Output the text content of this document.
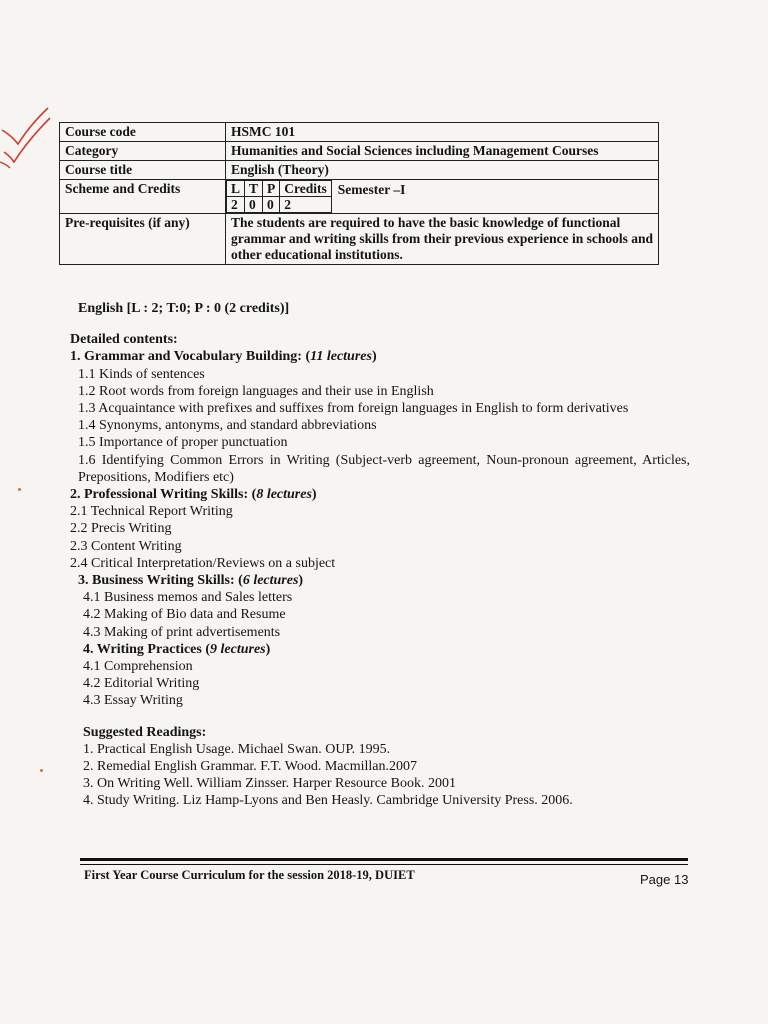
Course code	HSMC 101
Category	Humanities and Social Sciences including Management Courses
Course title	English (Theory)
Scheme and Credits		L	T	P	Credits
2	0	0	2
Semester –I

Pre-requisites (if any)	The students are required to have the basic knowledge of functional grammar and writing skills from their previous experience in schools and other educational institutions.

English [L : 2; T:0; P : 0 (2 credits)]

Detailed contents:

1. Grammar and Vocabulary Building: (11 lectures)

1.1 Kinds of sentences

1.2 Root words from foreign languages and their use in English

1.3 Acquaintance with prefixes and suffixes from foreign languages in English to form derivatives

1.4 Synonyms, antonyms, and standard abbreviations

1.5 Importance of proper punctuation

1.6 Identifying Common Errors in Writing (Subject-verb agreement, Noun-pronoun agreement, Articles, Prepositions, Modifiers etc)

2. Professional Writing Skills: (8 lectures)

2.1 Technical Report Writing

2.2 Precis Writing

2.3 Content Writing

2.4 Critical Interpretation/Reviews on a subject

3. Business Writing Skills: (6 lectures)

4.1 Business memos and Sales letters

4.2 Making of Bio data and Resume

4.3 Making of print advertisements

4. Writing Practices (9 lectures)

4.1 Comprehension

4.2 Editorial Writing

4.3 Essay Writing

Suggested Readings:

1. Practical English Usage. Michael Swan. OUP. 1995.

2. Remedial English Grammar. F.T. Wood. Macmillan.2007

3. On Writing Well. William Zinsser. Harper Resource Book. 2001

4. Study Writing. Liz Hamp-Lyons and Ben Heasly. Cambridge University Press. 2006.

First Year Course Curriculum for the session 2018-19, DUIET	Page 13
